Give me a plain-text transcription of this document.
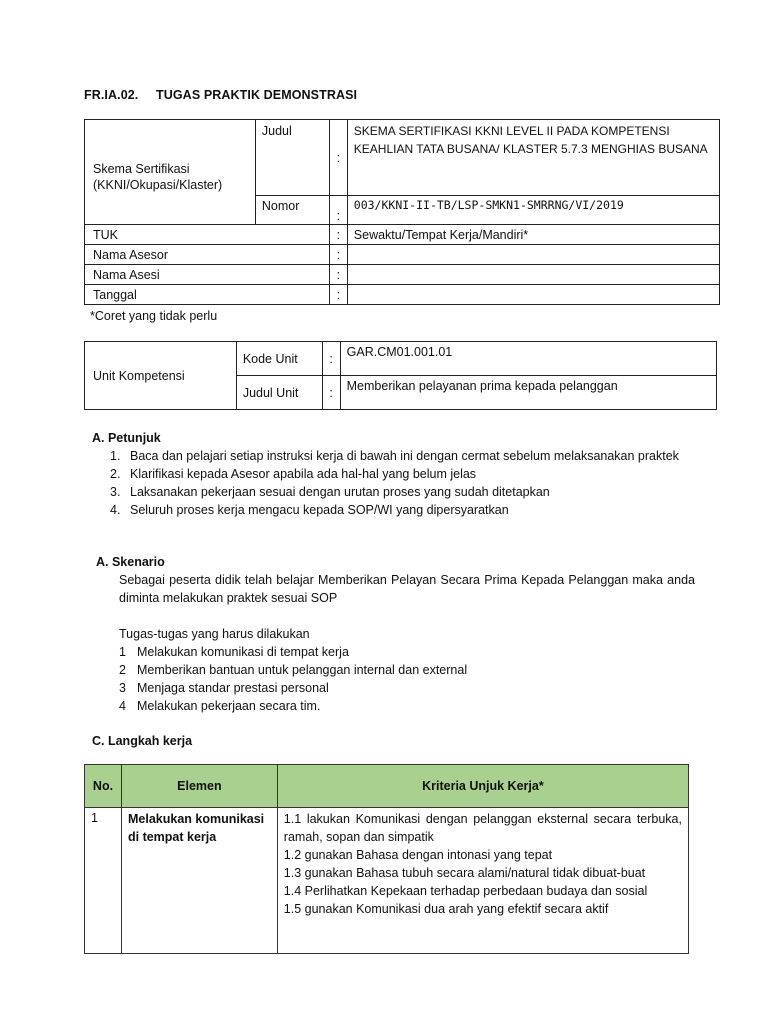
FR.IA.02. TUGAS PRAKTIK DEMONSTRASI
Skema Sertifikasi (KKNI/Okupasi/Klaster)	Judul	:	SKEMA SERTIFIKASI KKNI LEVEL II PADA KOMPETENSI KEAHLIAN TATA BUSANA/ KLASTER 5.7.3 MENGHIAS BUSANA
	Nomor	:	003/KKNI-II-TB/LSP-SMKN1-SMRRNG/VI/2019
TUK		:	Sewaktu/Tempat Kerja/Mandiri*
Nama Asesor		:	
Nama Asesi		:	
Tanggal		:	
*Coret yang tidak perlu
Unit Kompetensi	Kode Unit	:	GAR.CM01.001.01
	Judul Unit	:	Memberikan pelayanan prima kepada pelanggan
A. Petunjuk
1. Baca dan pelajari setiap instruksi kerja di bawah ini dengan cermat sebelum melaksanakan praktek
2. Klarifikasi kepada Asesor apabila ada hal-hal yang belum jelas
3. Laksanakan pekerjaan sesuai dengan urutan proses yang sudah ditetapkan
4. Seluruh proses kerja mengacu kepada SOP/WI yang dipersyaratkan
A. Skenario
Sebagai peserta didik telah belajar Memberikan Pelayan Secara Prima Kepada Pelanggan maka anda diminta melakukan praktek sesuai SOP
Tugas-tugas yang harus dilakukan
1 Melakukan komunikasi di tempat kerja
2 Memberikan bantuan untuk pelanggan internal dan external
3 Menjaga standar prestasi personal
4 Melakukan pekerjaan secara tim.
C. Langkah kerja
No.	Elemen	Kriteria Unjuk Kerja*
1	Melakukan komunikasi di tempat kerja	1.1 lakukan Komunikasi dengan pelanggan eksternal secara terbuka, ramah, sopan dan simpatik
1.2 gunakan Bahasa dengan intonasi yang tepat
1.3 gunakan Bahasa tubuh secara alami/natural tidak dibuat-buat
1.4 Perlihatkan Kepekaan terhadap perbedaan budaya dan sosial
1.5 gunakan Komunikasi dua arah yang efektif secara aktif
